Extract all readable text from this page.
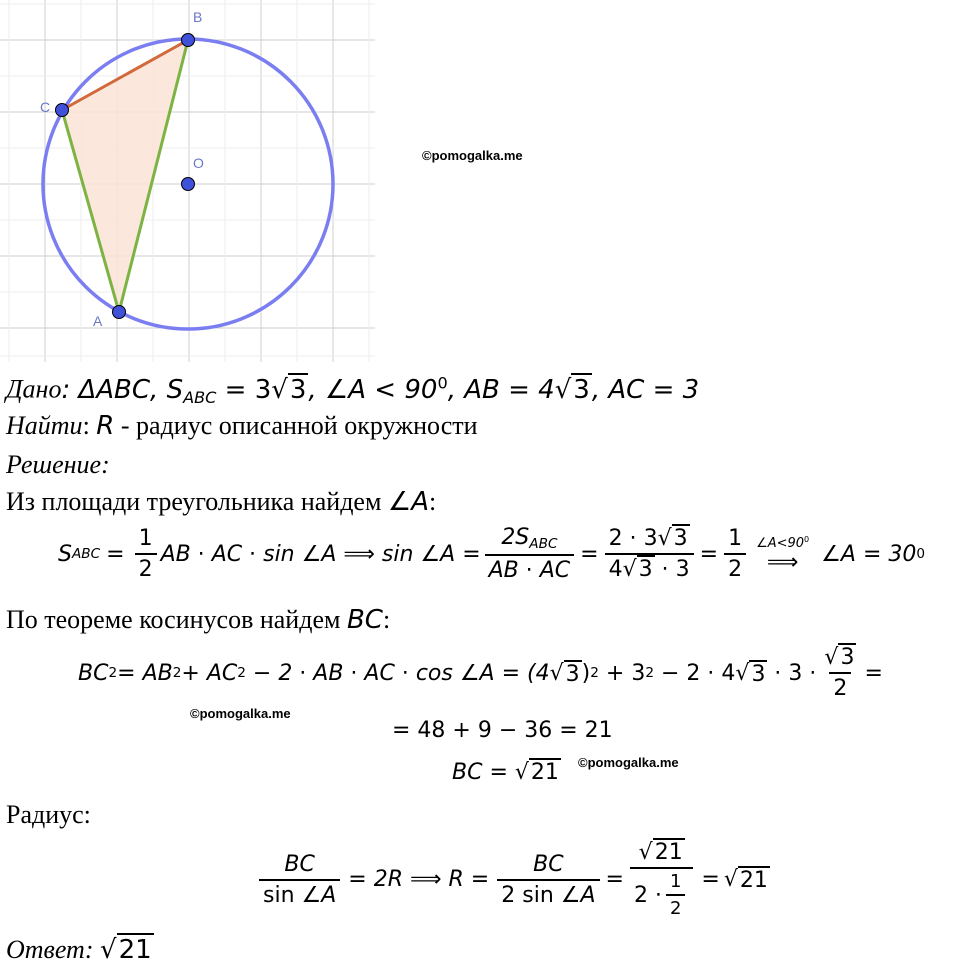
B
C
O
A
©pomogalka.me
Дано: ΔABC, $S_{ABC} = 3√3$, ∠A < $90^0$, AB = 4√3, AC = 3
Найти: R - радиус описанной окружности
Решение:
Из площади треугольника найдем ∠A:
S ABC = $\frac{1}{2}$ AB ⋅ AC ⋅ sin ∠A ⟹ sin ∠A = $\frac{2S_{ABC}}{AB \cdot AC} = \frac{2 \cdot 3√3}{4√3 \cdot 3} = \frac{1}{2}$ $\angle A<90^0$
⟹ ∠A = 30 0
По теореме косинусов найдем BC:
BC 2 = AB 2 + AC 2 − 2 ⋅ AB ⋅ AC ⋅ cos ∠A = (4 √ 3 ) 2 + 3 2 − 2 ⋅ 4 √ $3 \cdot 3 \cdot \frac{√3}{2}$ =
©pomogalka.me
= 48 + 9 − 36 = 21
BC = √21 ©pomogalka.me
Радиус:
$\frac{BC}{\sin \angle A} = 2R$ ⟹ $R = \frac{BC}{2 \sin \angle A} = \frac{√21}{2 \cdot \frac{1}{2}}$ = √ 21
Ответ: √21
